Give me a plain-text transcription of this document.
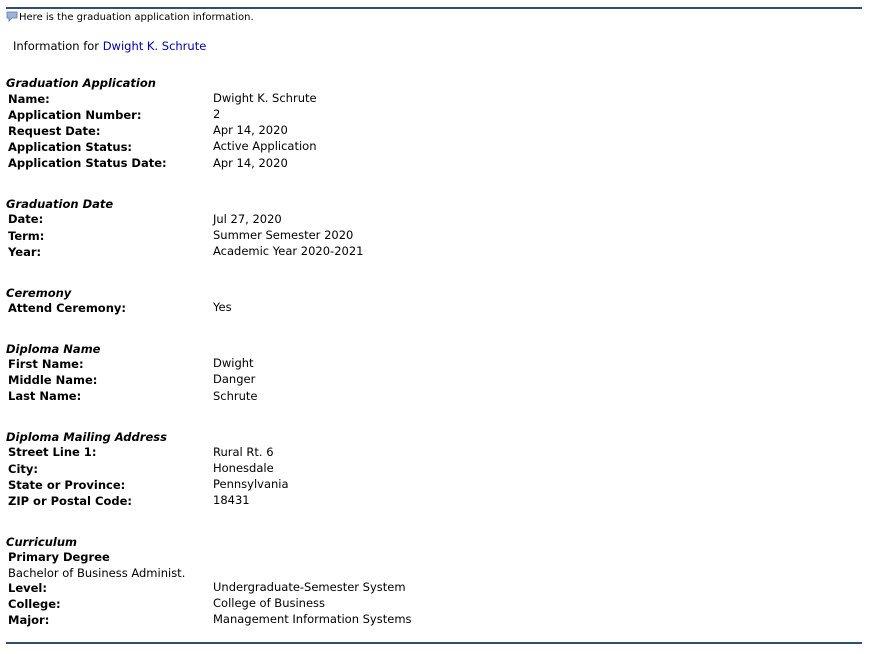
Here is the graduation application information.
Information for Dwight K. Schrute
Graduation Application
Name:	Dwight K. Schrute
Application Number:	2
Request Date:	Apr 14, 2020
Application Status:	Active Application
Application Status Date:	Apr 14, 2020
Graduation Date
Date:	Jul 27, 2020
Term:	Summer Semester 2020
Year:	Academic Year 2020-2021
Ceremony
Attend Ceremony:	Yes
Diploma Name
First Name:	Dwight
Middle Name:	Danger
Last Name:	Schrute
Diploma Mailing Address
Street Line 1:	Rural Rt. 6
City:	Honesdale
State or Province:	Pennsylvania
ZIP or Postal Code:	18431
Curriculum
Primary Degree
Bachelor of Business Administ.
Level:	Undergraduate-Semester System
College:	College of Business
Major:	Management Information Systems
